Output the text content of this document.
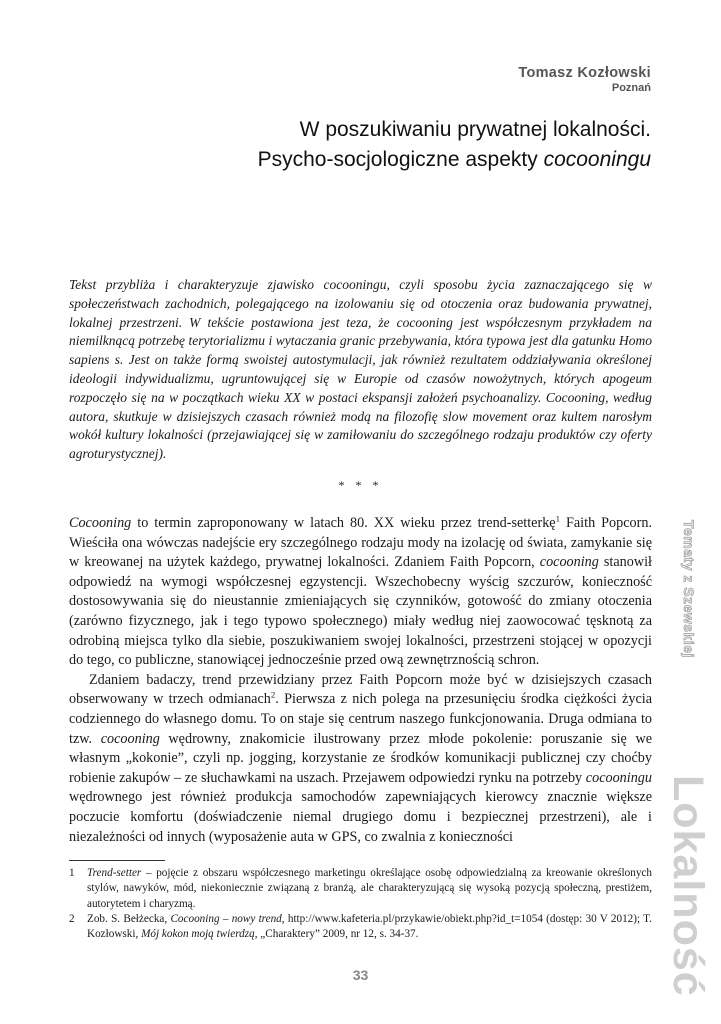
Tomasz Kozłowski
Poznań
W poszukiwaniu prywatnej lokalności.
Psycho-socjologiczne aspekty cocooningu
Tekst przybliża i charakteryzuje zjawisko cocooningu, czyli sposobu życia zaznaczającego się w społeczeństwach zachodnich, polegającego na izolowaniu się od otoczenia oraz budowania prywatnej, lokalnej przestrzeni. W tekście postawiona jest teza, że cocooning jest współczesnym przykładem na niemilknącą potrzebę terytorializmu i wytaczania granic przebywania, która typowa jest dla gatunku Homo sapiens s. Jest on także formą swoistej autostymulacji, jak również rezultatem oddziaływania określonej ideologii indywidualizmu, ugruntowującej się w Europie od czasów nowożytnych, których apogeum rozpoczęło się na w początkach wieku XX w postaci ekspansji założeń psychoanalizy. Cocooning, według autora, skutkuje w dzisiejszych czasach również modą na filozofię slow movement oraz kultem narosłym wokół kultury lokalności (przejawiającej się w zamiłowaniu do szczególnego rodzaju produktów czy oferty agroturystycznej).
* * *

Cocooning to termin zaproponowany w latach 80. XX wieku przez trend-setterkę$^1$ Faith Popcorn. Wieściła ona wówczas nadejście ery szczególnego rodzaju mody na izolację od świata, zamykanie się w kreowanej na użytek każdego, prywatnej lokalności. Zdaniem Faith Popcorn, cocooning stanowił odpowiedź na wymogi współczesnej egzystencji. Wszechobecny wyścig szczurów, konieczność dostosowywania się do nieustannie zmieniających się czynników, gotowość do zmiany otoczenia (zarówno fizycznego, jak i tego typowo społecznego) miały według niej zaowocować tęsknotą za odrobiną miejsca tylko dla siebie, poszukiwaniem swojej lokalności, przestrzeni stojącej w opozycji do tego, co publiczne, stanowiącej jednocześnie przed ową zewnętrznością schron.

Zdaniem badaczy, trend przewidziany przez Faith Popcorn może być w dzisiejszych czasach obserwowany w trzech odmianach$^2$. Pierwsza z nich polega na przesunięciu środka ciężkości życia codziennego do własnego domu. To on staje się centrum naszego funkcjonowania. Druga odmiana to tzw. cocooning wędrowny, znakomicie ilustrowany przez młode pokolenie: poruszanie się we własnym „kokonie”, czyli np. jogging, korzystanie ze środków komunikacji publicznej czy choćby robienie zakupów – ze słuchawkami na uszach. Przejawem odpowiedzi rynku na potrzeby cocooningu wędrownego jest również produkcja samochodów zapewniających kierowcy znacznie większe poczucie komfortu (doświadczenie niemal drugiego domu i bezpiecznej przestrzeni), ale i niezależności od innych (wyposażenie auta w GPS, co zwalnia z konieczności

1 Trend-setter – pojęcie z obszaru współczesnego marketingu określające osobę odpowiedzialną za kreowanie określonych stylów, nawyków, mód, niekoniecznie związaną z branżą, ale charakteryzującą się wysoką pozycją społeczną, prestiżem, autorytetem i charyzmą.
2 Zob. S. Bełżecka, Cocooning – nowy trend, http://www.kafeteria.pl/przykawie/obiekt.php?id_t=1054 (dostęp: 30 V 2012); T. Kozłowski, Mój kokon moją twierdzą, „Charaktery” 2009, nr 12, s. 34-37.
33
Tematy z Szewskiej
Lokalność
